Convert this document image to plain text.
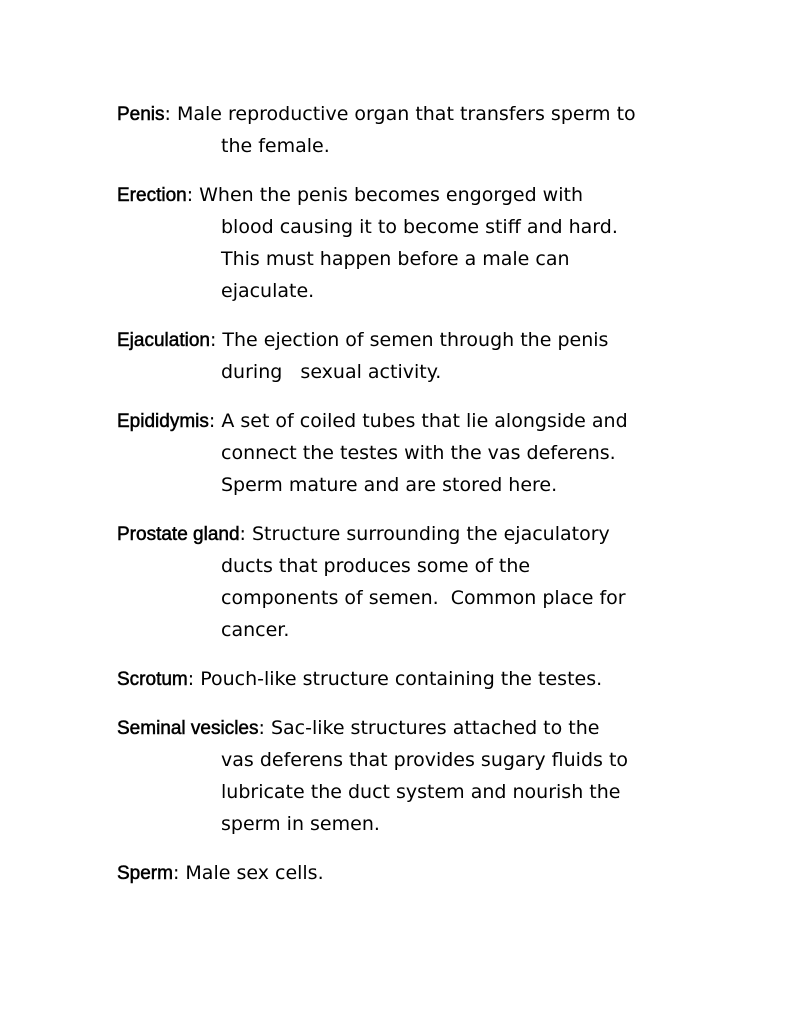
Penis: Male reproductive organ that transfers sperm to
the female.
Erection: When the penis becomes engorged with
blood causing it to become stiff and hard.
This must happen before a male can
ejaculate.
Ejaculation: The ejection of semen through the penis
during   sexual activity.
Epididymis: A set of coiled tubes that lie alongside and
connect the testes with the vas deferens.
Sperm mature and are stored here.
Prostate gland: Structure surrounding the ejaculatory
ducts that produces some of the
components of semen.  Common place for
cancer.
Scrotum: Pouch-like structure containing the testes.
Seminal vesicles: Sac-like structures attached to the
vas deferens that provides sugary fluids to
lubricate the duct system and nourish the
sperm in semen.
Sperm: Male sex cells.
